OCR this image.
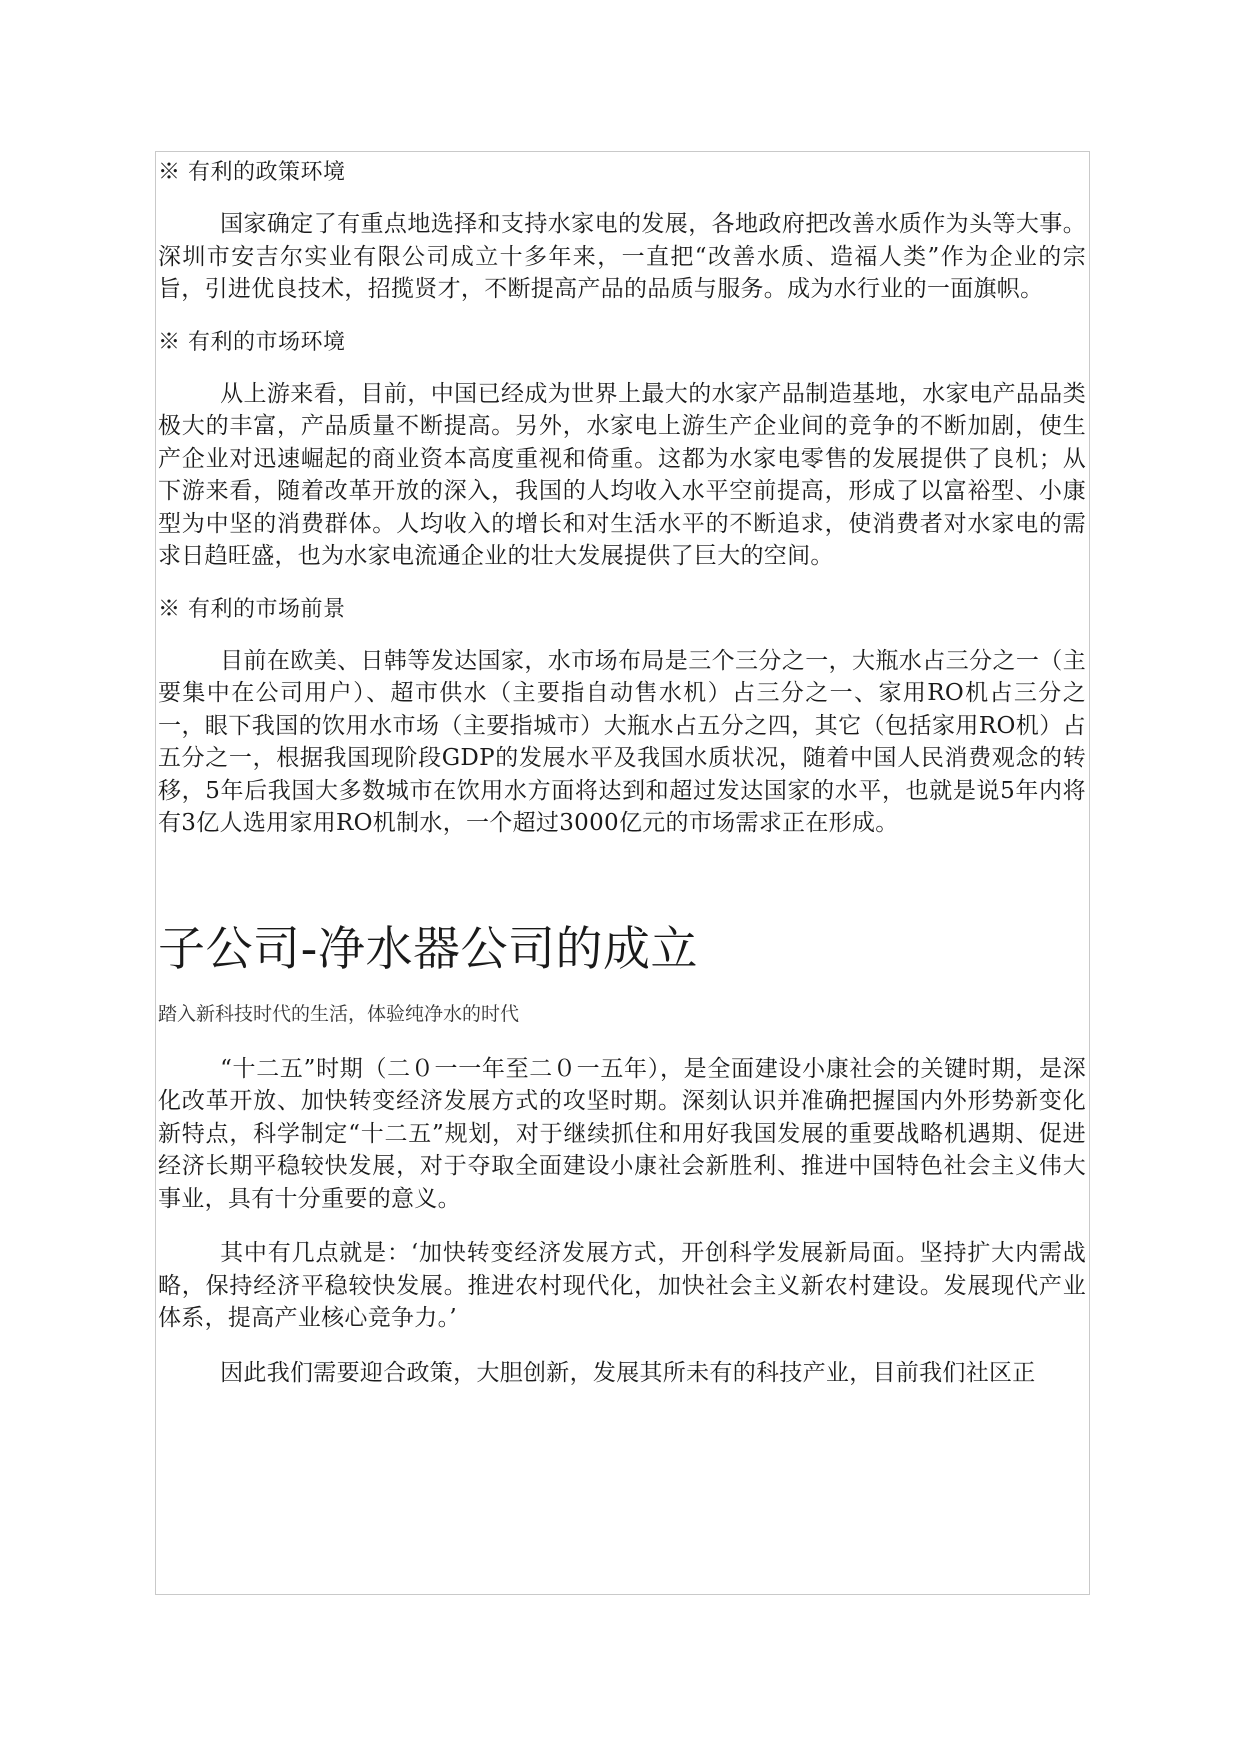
※ 有利的政策环境

国家确定了有重点地选择和支持水家电的发展，各地政府把改善水质作为头等大事。深圳市安吉尔实业有限公司成立十多年来，一直把“改善水质、造福人类”作为企业的宗旨，引进优良技术，招揽贤才，不断提高产品的品质与服务。成为水行业的一面旗帜。

※ 有利的市场环境

从上游来看，目前，中国已经成为世界上最大的水家产品制造基地，水家电产品品类极大的丰富，产品质量不断提高。另外，水家电上游生产企业间的竞争的不断加剧，使生产企业对迅速崛起的商业资本高度重视和倚重。这都为水家电零售的发展提供了良机；从下游来看，随着改革开放的深入，我国的人均收入水平空前提高，形成了以富裕型、小康型为中坚的消费群体。人均收入的增长和对生活水平的不断追求，使消费者对水家电的需求日趋旺盛，也为水家电流通企业的壮大发展提供了巨大的空间。

※ 有利的市场前景

目前在欧美、日韩等发达国家，水市场布局是三个三分之一，大瓶水占三分之一（主要集中在公司用户）、超市供水（主要指自动售水机）占三分之一、家用RO机占三分之一，眼下我国的饮用水市场（主要指城市）大瓶水占五分之四，其它（包括家用RO机）占五分之一，根据我国现阶段GDP的发展水平及我国水质状况，随着中国人民消费观念的转移，5年后我国大多数城市在饮用水方面将达到和超过发达国家的水平，也就是说5年内将有3亿人选用家用RO机制水，一个超过3000亿元的市场需求正在形成。

子公司-净水器公司的成立

踏入新科技时代的生活，体验纯净水的时代

“十二五”时期（二０一一年至二０一五年），是全面建设小康社会的关键时期，是深化改革开放、加快转变经济发展方式的攻坚时期。深刻认识并准确把握国内外形势新变化新特点，科学制定“十二五”规划，对于继续抓住和用好我国发展的重要战略机遇期、促进经济长期平稳较快发展，对于夺取全面建设小康社会新胜利、推进中国特色社会主义伟大事业，具有十分重要的意义。

其中有几点就是：‘加快转变经济发展方式，开创科学发展新局面。坚持扩大内需战略，保持经济平稳较快发展。推进农村现代化，加快社会主义新农村建设。发展现代产业体系，提高产业核心竞争力。’

因此我们需要迎合政策，大胆创新，发展其所未有的科技产业，目前我们社区正
